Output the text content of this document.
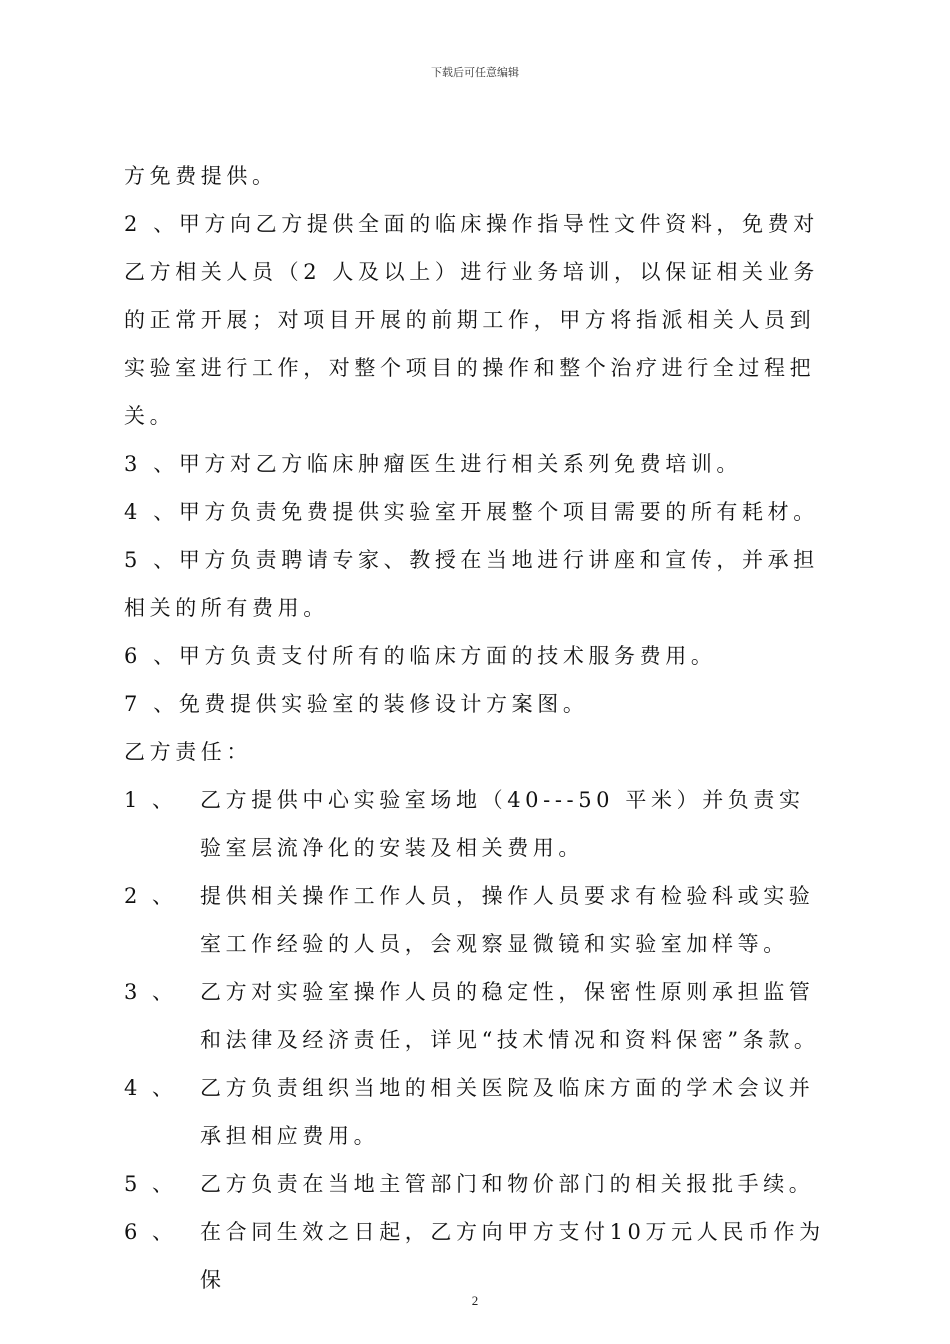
下载后可任意编辑

方免费提供。

2 、甲方向乙方提供全面的临床操作指导性文件资料，免费对乙方相关人员（2 人及以上）进行业务培训，以保证相关业务的正常开展；对项目开展的前期工作，甲方将指派相关人员到实验室进行工作，对整个项目的操作和整个治疗进行全过程把关。

3 、甲方对乙方临床肿瘤医生进行相关系列免费培训。

4 、甲方负责免费提供实验室开展整个项目需要的所有耗材。

5 、甲方负责聘请专家、教授在当地进行讲座和宣传，并承担相关的所有费用。

6 、甲方负责支付所有的临床方面的技术服务费用。

7 、免费提供实验室的装修设计方案图。

乙方责任：

1 、	乙方提供中心实验室场地（40---50 平米）并负责实验室层流净化的安装及相关费用。
2 、	提供相关操作工作人员，操作人员要求有检验科或实验室工作经验的人员，会观察显微镜和实验室加样等。
3 、	乙方对实验室操作人员的稳定性，保密性原则承担监管和法律及经济责任，详见“技术情况和资料保密”条款。
4 、	乙方负责组织当地的相关医院及临床方面的学术会议并承担相应费用。
5 、	乙方负责在当地主管部门和物价部门的相关报批手续。
6 、	在合同生效之日起，乙方向甲方支付10万元人民币作为保
2
